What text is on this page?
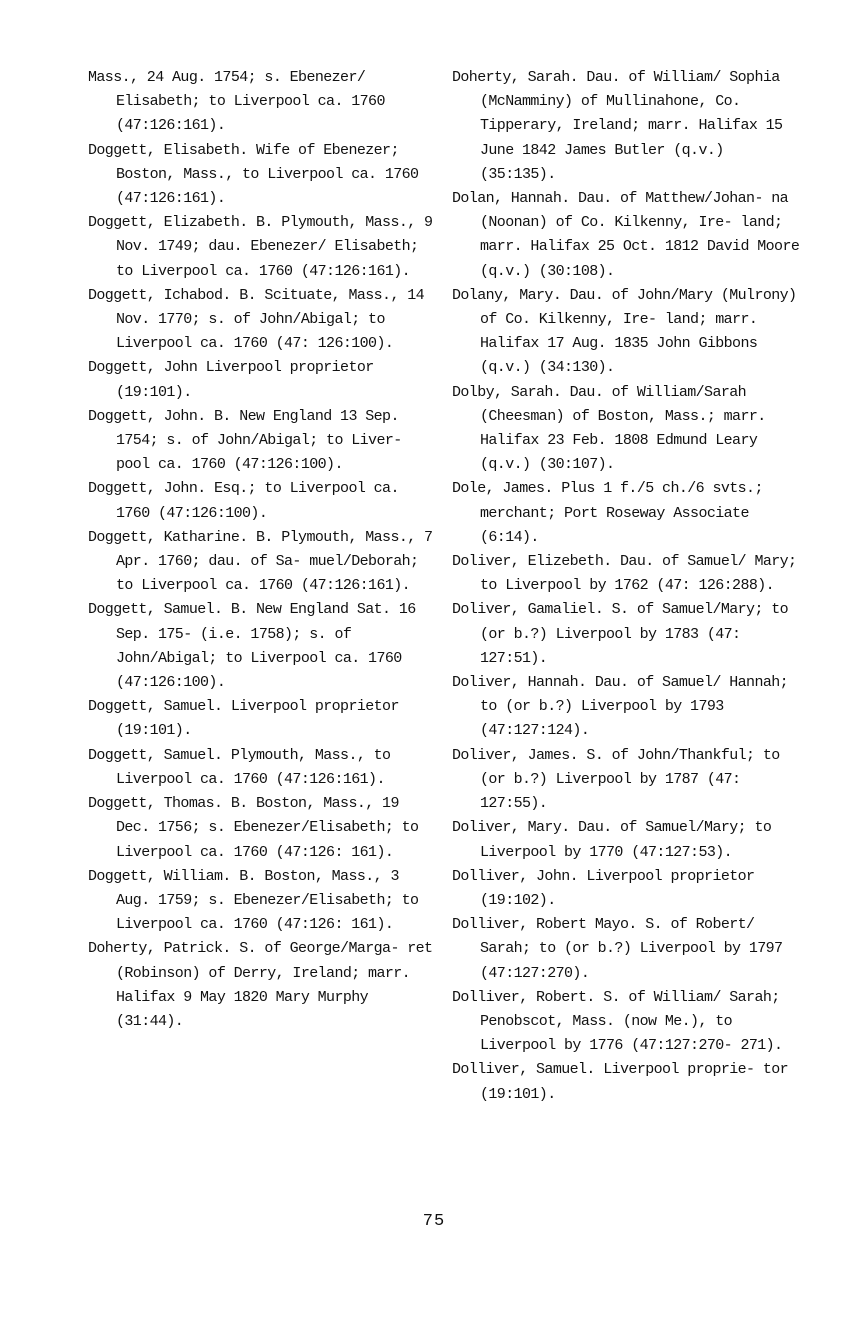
Mass., 24 Aug. 1754; s. Ebenezer/ Elisabeth; to Liverpool ca. 1760 (47:126:161).

Doggett, Elisabeth. Wife of Ebenezer; Boston, Mass., to Liverpool ca. 1760 (47:126:161).

Doggett, Elizabeth. B. Plymouth, Mass., 9 Nov. 1749; dau. Ebenezer/ Elisabeth; to Liverpool ca. 1760 (47:126:161).

Doggett, Ichabod. B. Scituate, Mass., 14 Nov. 1770; s. of John/Abigal; to Liverpool ca. 1760 (47: 126:100).

Doggett, John Liverpool proprietor (19:101).

Doggett, John. B. New England 13 Sep. 1754; s. of John/Abigal; to Liver- pool ca. 1760 (47:126:100).

Doggett, John. Esq.; to Liverpool ca. 1760 (47:126:100).

Doggett, Katharine. B. Plymouth, Mass., 7 Apr. 1760; dau. of Sa- muel/Deborah; to Liverpool ca. 1760 (47:126:161).

Doggett, Samuel. B. New England Sat. 16 Sep. 175- (i.e. 1758); s. of John/Abigal; to Liverpool ca. 1760 (47:126:100).

Doggett, Samuel. Liverpool proprietor (19:101).

Doggett, Samuel. Plymouth, Mass., to Liverpool ca. 1760 (47:126:161).

Doggett, Thomas. B. Boston, Mass., 19 Dec. 1756; s. Ebenezer/Elisabeth; to Liverpool ca. 1760 (47:126: 161).

Doggett, William. B. Boston, Mass., 3 Aug. 1759; s. Ebenezer/Elisabeth; to Liverpool ca. 1760 (47:126: 161).

Doherty, Patrick. S. of George/Marga- ret (Robinson) of Derry, Ireland; marr. Halifax 9 May 1820 Mary Murphy (31:44).

Doherty, Sarah. Dau. of William/ Sophia (McNamminy) of Mullinahone, Co. Tipperary, Ireland; marr. Halifax 15 June 1842 James Butler (q.v.) (35:135).

Dolan, Hannah. Dau. of Matthew/Johan- na (Noonan) of Co. Kilkenny, Ire- land; marr. Halifax 25 Oct. 1812 David Moore (q.v.) (30:108).

Dolany, Mary. Dau. of John/Mary (Mulrony) of Co. Kilkenny, Ire- land; marr. Halifax 17 Aug. 1835 John Gibbons (q.v.) (34:130).

Dolby, Sarah. Dau. of William/Sarah (Cheesman) of Boston, Mass.; marr. Halifax 23 Feb. 1808 Edmund Leary (q.v.) (30:107).

Dole, James. Plus 1 f./5 ch./6 svts.; merchant; Port Roseway Associate (6:14).

Doliver, Elizebeth. Dau. of Samuel/ Mary; to Liverpool by 1762 (47: 126:288).

Doliver, Gamaliel. S. of Samuel/Mary; to (or b.?) Liverpool by 1783 (47: 127:51).

Doliver, Hannah. Dau. of Samuel/ Hannah; to (or b.?) Liverpool by 1793 (47:127:124).

Doliver, James. S. of John/Thankful; to (or b.?) Liverpool by 1787 (47: 127:55).

Doliver, Mary. Dau. of Samuel/Mary; to Liverpool by 1770 (47:127:53).

Dolliver, John. Liverpool proprietor (19:102).

Dolliver, Robert Mayo. S. of Robert/ Sarah; to (or b.?) Liverpool by 1797 (47:127:270).

Dolliver, Robert. S. of William/ Sarah; Penobscot, Mass. (now Me.), to Liverpool by 1776 (47:127:270- 271).

Dolliver, Samuel. Liverpool proprie- tor (19:101).

75
